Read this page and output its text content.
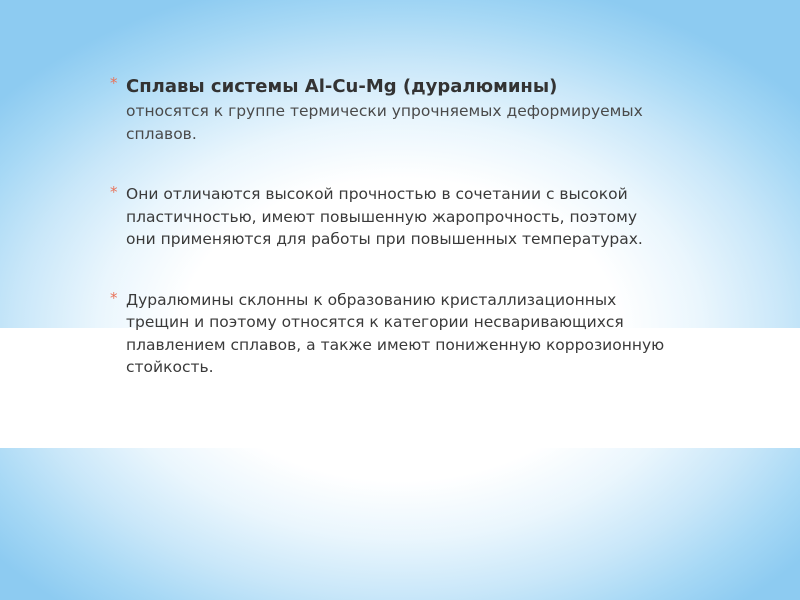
* Сплавы системы Al-Cu-Mg (дуралюмины)
относятся к группе термически упрочняемых деформируемых сплавов.
* Они отличаются высокой прочностью в сочетании с высокой пластичностью, имеют повышенную жаропрочность, поэтому они применяются для работы при повышенных температурах.
* Дуралюмины склонны к образованию кристаллизационных трещин и поэтому относятся к категории несваривающихся плавлением сплавов, а также имеют пониженную коррозионную стойкость.
